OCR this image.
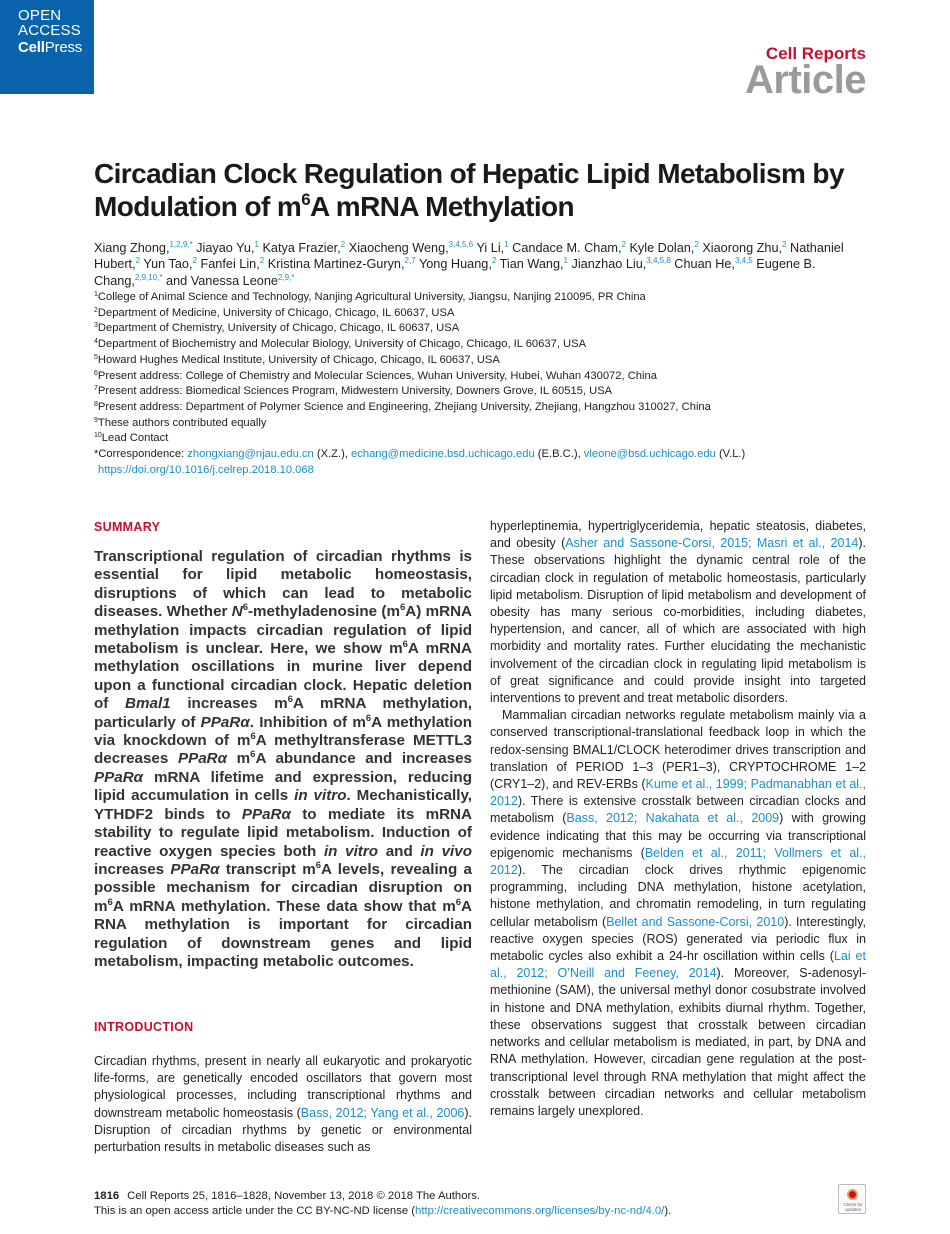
OPEN
ACCESS
CellPress	Cell Reports
Article
Circadian Clock Regulation of Hepatic Lipid Metabolism by Modulation of $m^6A$ mRNA Methylation
Xiang Zhong,$^{1,2,9,*}$ Jiayao Yu,$^1$ Katya Frazier,$^2$ Xiaocheng Weng,$^{3,4,5,6}$ Yi Li,$^1$ Candace M. Cham,$^2$ Kyle Dolan,$^2$ Xiaorong Zhu,$^2$ Nathaniel Hubert,$^2$ Yun Tao,$^2$ Fanfei Lin,$^2$ Kristina Martinez-Guryn,$^{2,7}$ Yong Huang,$^2$ Tian Wang,$^1$ Jianzhao Liu,$^{3,4,5,8}$ Chuan He,$^{3,4,5}$ Eugene B. Chang,$^{2,9,10,*}$ and Vanessa Leone$^{2,9,*}$
$^1$College of Animal Science and Technology, Nanjing Agricultural University, Jiangsu, Nanjing 210095, PR China
$^2$Department of Medicine, University of Chicago, Chicago, IL 60637, USA
$^3$Department of Chemistry, University of Chicago, Chicago, IL 60637, USA
$^4$Department of Biochemistry and Molecular Biology, University of Chicago, Chicago, IL 60637, USA
$^5$Howard Hughes Medical Institute, University of Chicago, Chicago, IL 60637, USA
$^6$Present address: College of Chemistry and Molecular Sciences, Wuhan University, Hubei, Wuhan 430072, China
$^7$Present address: Biomedical Sciences Program, Midwestern University, Downers Grove, IL 60515, USA
$^8$Present address: Department of Polymer Science and Engineering, Zhejiang University, Zhejiang, Hangzhou 310027, China
$^9$These authors contributed equally
$^{10}$Lead Contact
*Correspondence: zhongxiang@njau.edu.cn (X.Z.), echang@medicine.bsd.uchicago.edu (E.B.C.), vleone@bsd.uchicago.edu (V.L.)
https://doi.org/10.1016/j.celrep.2018.10.068
SUMMARY
Transcriptional regulation of circadian rhythms is essential for lipid metabolic homeostasis, disruptions of which can lead to metabolic diseases. Whether $N^6$-methyladenosine $(m^6A)$ mRNA methylation impacts circadian regulation of lipid metabolism is unclear. Here, we show $m^6A$ mRNA methylation oscillations in murine liver depend upon a functional circadian clock. Hepatic deletion of Bmal1 increases $m^6A$ mRNA methylation, particularly of PPaRα. Inhibition of $m^6A$ methylation via knockdown of $m^6A$ methyltransferase METTL3 decreases PPaRα $m^6A$ abundance and increases PPaRα mRNA lifetime and expression, reducing lipid accumulation in cells in vitro. Mechanistically, YTHDF2 binds to PPaRα to mediate its mRNA stability to regulate lipid metabolism. Induction of reactive oxygen species both in vitro and in vivo increases PPaRα transcript $m^6A$ levels, revealing a possible mechanism for circadian disruption on $m^6A$ mRNA methylation. These data show that $m^6A$ RNA methylation is important for circadian regulation of downstream genes and lipid metabolism, impacting metabolic outcomes.
INTRODUCTION
Circadian rhythms, present in nearly all eukaryotic and prokaryotic life-forms, are genetically encoded oscillators that govern most physiological processes, including transcriptional rhythms and downstream metabolic homeostasis (Bass, 2012; Yang et al., 2006). Disruption of circadian rhythms by genetic or environmental perturbation results in metabolic diseases such as

hyperleptinemia, hypertriglyceridemia, hepatic steatosis, diabetes, and obesity (Asher and Sassone-Corsi, 2015; Masri et al., 2014). These observations highlight the dynamic central role of the circadian clock in regulation of metabolic homeostasis, particularly lipid metabolism. Disruption of lipid metabolism and development of obesity has many serious co-morbidities, including diabetes, hypertension, and cancer, all of which are associated with high morbidity and mortality rates. Further elucidating the mechanistic involvement of the circadian clock in regulating lipid metabolism is of great significance and could provide insight into targeted interventions to prevent and treat metabolic disorders.

Mammalian circadian networks regulate metabolism mainly via a conserved transcriptional-translational feedback loop in which the redox-sensing BMAL1/CLOCK heterodimer drives transcription and translation of PERIOD 1–3 (PER1–3), CRYPTOCHROME 1–2 (CRY1–2), and REV-ERBs (Kume et al., 1999; Padmanabhan et al., 2012). There is extensive crosstalk between circadian clocks and metabolism (Bass, 2012; Nakahata et al., 2009) with growing evidence indicating that this may be occurring via transcriptional epigenomic mechanisms (Belden et al., 2011; Vollmers et al., 2012). The circadian clock drives rhythmic epigenomic programming, including DNA methylation, histone acetylation, histone methylation, and chromatin remodeling, in turn regulating cellular metabolism (Bellet and Sassone-Corsi, 2010). Interestingly, reactive oxygen species (ROS) generated via periodic flux in metabolic cycles also exhibit a 24-hr oscillation within cells (Lai et al., 2012; O’Neill and Feeney, 2014). Moreover, S-adenosyl-methionine (SAM), the universal methyl donor cosubstrate involved in histone and DNA methylation, exhibits diurnal rhythm. Together, these observations suggest that crosstalk between circadian networks and cellular metabolism is mediated, in part, by DNA and RNA methylation. However, circadian gene regulation at the post-transcriptional level through RNA methylation that might affect the crosstalk between circadian networks and cellular metabolism remains largely unexplored.

1816 Cell Reports 25, 1816–1828, November 13, 2018 © 2018 The Authors.
This is an open access article under the CC BY-NC-ND license (http://creativecommons.org/licenses/by-nc-nd/4.0/).	Check for updates
